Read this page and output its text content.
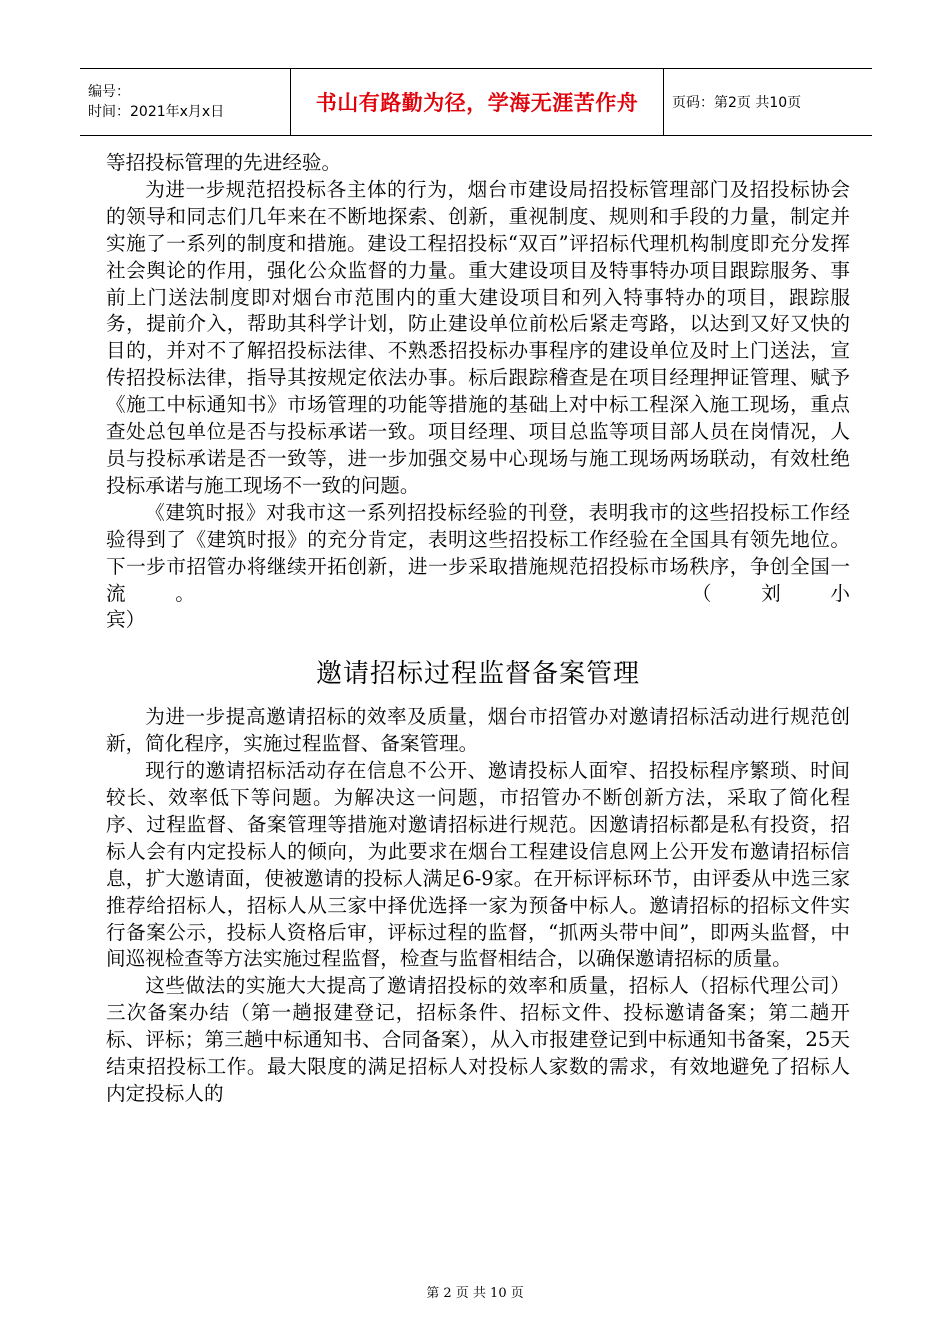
编号：
时间：2021年x月x日	书山有路勤为径，学海无涯苦作舟	页码：第2页 共10页

等招投标管理的先进经验。

为进一步规范招投标各主体的行为，烟台市建设局招投标管理部门及招投标协会的领导和同志们几年来在不断地探索、创新，重视制度、规则和手段的力量，制定并实施了一系列的制度和措施。建设工程招投标“双百”评招标代理机构制度即充分发挥社会舆论的作用，强化公众监督的力量。重大建设项目及特事特办项目跟踪服务、事前上门送法制度即对烟台市范围内的重大建设项目和列入特事特办的项目，跟踪服务，提前介入，帮助其科学计划，防止建设单位前松后紧走弯路，以达到又好又快的目的，并对不了解招投标法律、不熟悉招投标办事程序的建设单位及时上门送法，宣传招投标法律，指导其按规定依法办事。标后跟踪稽查是在项目经理押证管理、赋予《施工中标通知书》市场管理的功能等措施的基础上对中标工程深入施工现场，重点查处总包单位是否与投标承诺一致。项目经理、项目总监等项目部人员在岗情况，人员与投标承诺是否一致等，进一步加强交易中心现场与施工现场两场联动，有效杜绝投标承诺与施工现场不一致的问题。

《建筑时报》对我市这一系列招投标经验的刊登，表明我市的这些招投标工作经验得到了《建筑时报》的充分肯定，表明这些招投标工作经验在全国具有领先地位。下一步市招管办将继续开拓创新，进一步采取措施规范招投标市场秩序，争创全国一流。	（刘小

宾）

邀请招标过程监督备案管理

为进一步提高邀请招标的效率及质量，烟台市招管办对邀请招标活动进行规范创新，简化程序，实施过程监督、备案管理。

现行的邀请招标活动存在信息不公开、邀请投标人面窄、招投标程序繁琐、时间较长、效率低下等问题。为解决这一问题，市招管办不断创新方法，采取了简化程序、过程监督、备案管理等措施对邀请招标进行规范。因邀请招标都是私有投资，招标人会有内定投标人的倾向，为此要求在烟台工程建设信息网上公开发布邀请招标信息，扩大邀请面，使被邀请的投标人满足6-9家。在开标评标环节，由评委从中选三家推荐给招标人，招标人从三家中择优选择一家为预备中标人。邀请招标的招标文件实行备案公示，投标人资格后审，评标过程的监督，“抓两头带中间”，即两头监督，中间巡视检查等方法实施过程监督，检查与监督相结合，以确保邀请招标的质量。

这些做法的实施大大提高了邀请招投标的效率和质量，招标人（招标代理公司）三次备案办结（第一趟报建登记，招标条件、招标文件、投标邀请备案；第二趟开标、评标；第三趟中标通知书、合同备案），从入市报建登记到中标通知书备案，25天结束招投标工作。最大限度的满足招标人对投标人家数的需求，有效地避免了招标人内定投标人的

第 2 页 共 10 页
